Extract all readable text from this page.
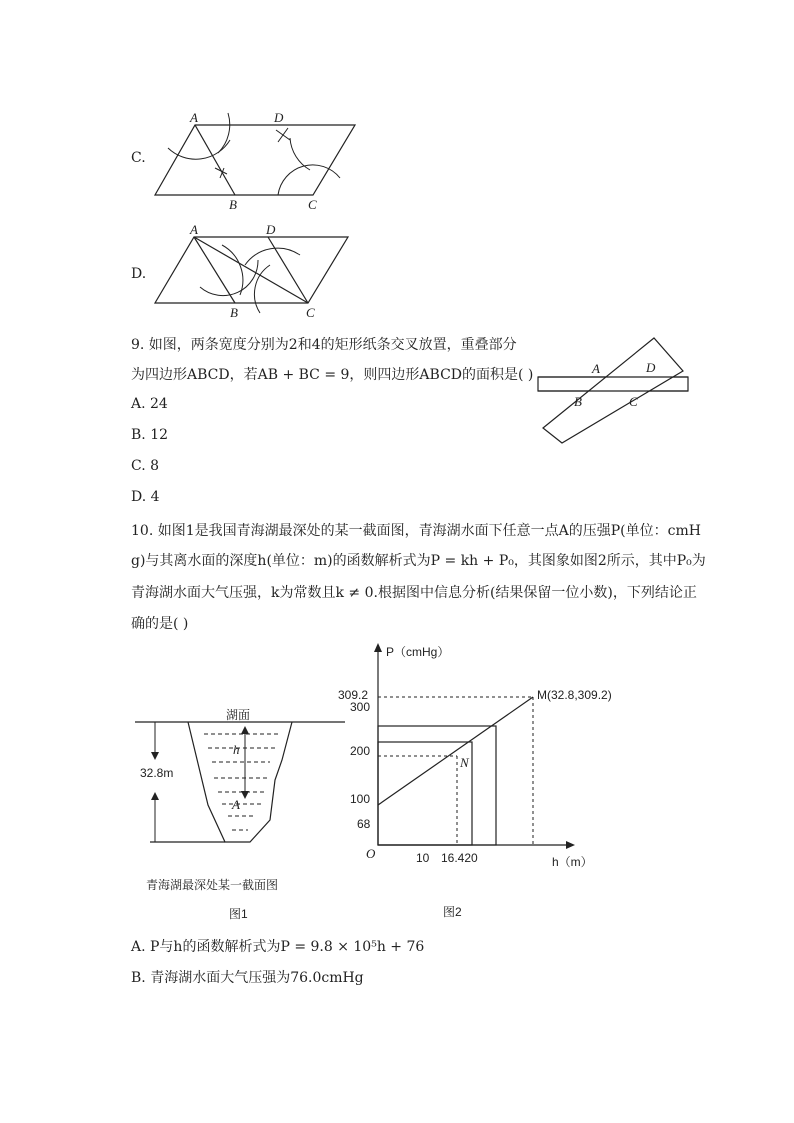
C.
A	D
B	C
D.
A	D
B	C
9. 如图，两条宽度分别为2和4的矩形纸条交叉放置，重叠部分
为四边形ABCD，若AB + BC = 9，则四边形ABCD的面积是( )
A. 24
B. 12
C. 8
D. 4
A	D
B	C
10. 如图1是我国青海湖最深处的某一截面图，青海湖水面下任意一点A的压强P(单位：cmH
g)与其离水面的深度h(单位：m)的函数解析式为P = kh + P₀，其图象如图2所示，其中P₀为
青海湖水面大气压强，k为常数且k ≠ 0.根据图中信息分析(结果保留一位小数)，下列结论正
确的是( )
湖面
h
32.8m
A
青海湖最深处某一截面图
图1
P（cmHg）
309.2
300
200
100
68
O	10 16.420	h（m）
M(32.8,309.2)
N
图2
A. P与h的函数解析式为P = 9.8 × 10⁵h + 76
B. 青海湖水面大气压强为76.0cmHg
